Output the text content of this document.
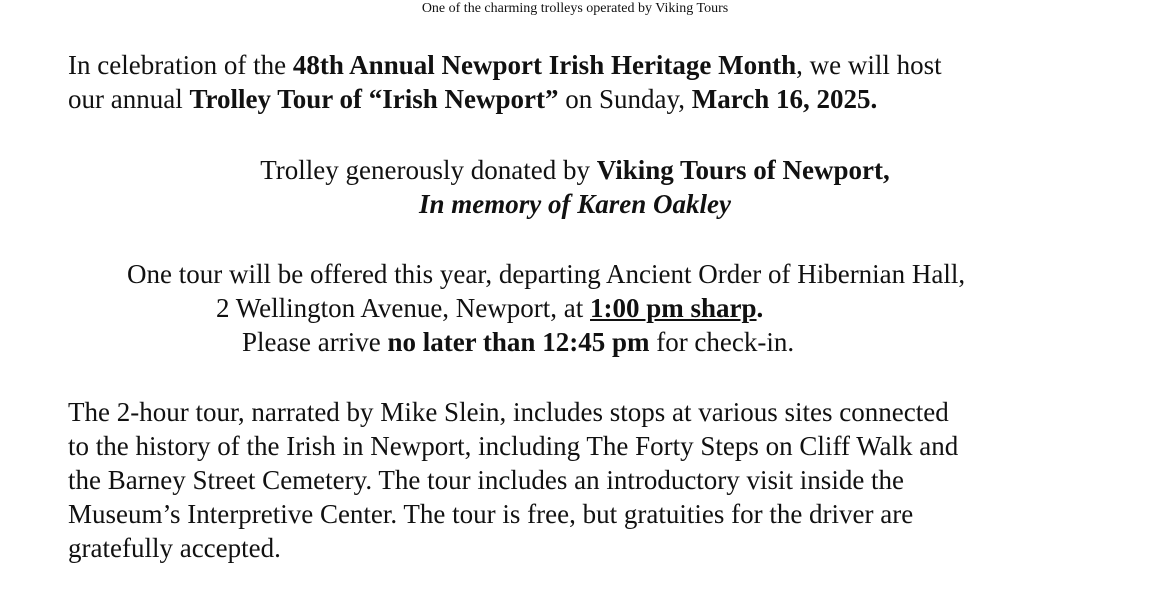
One of the charming trolleys operated by Viking Tours
In celebration of the 48th Annual Newport Irish Heritage Month, we will host
our annual Trolley Tour of “Irish Newport” on Sunday, March 16, 2025.
Trolley generously donated by Viking Tours of Newport,
In memory of Karen Oakley
One tour will be offered this year, departing Ancient Order of Hibernian Hall,
2 Wellington Avenue, Newport, at 1:00 pm sharp.
Please arrive no later than 12:45 pm for check-in.
The 2-hour tour, narrated by Mike Slein, includes stops at various sites connected
to the history of the Irish in Newport, including The Forty Steps on Cliff Walk and
the Barney Street Cemetery. The tour includes an introductory visit inside the
Museum’s Interpretive Center. The tour is free, but gratuities for the driver are
gratefully accepted.
